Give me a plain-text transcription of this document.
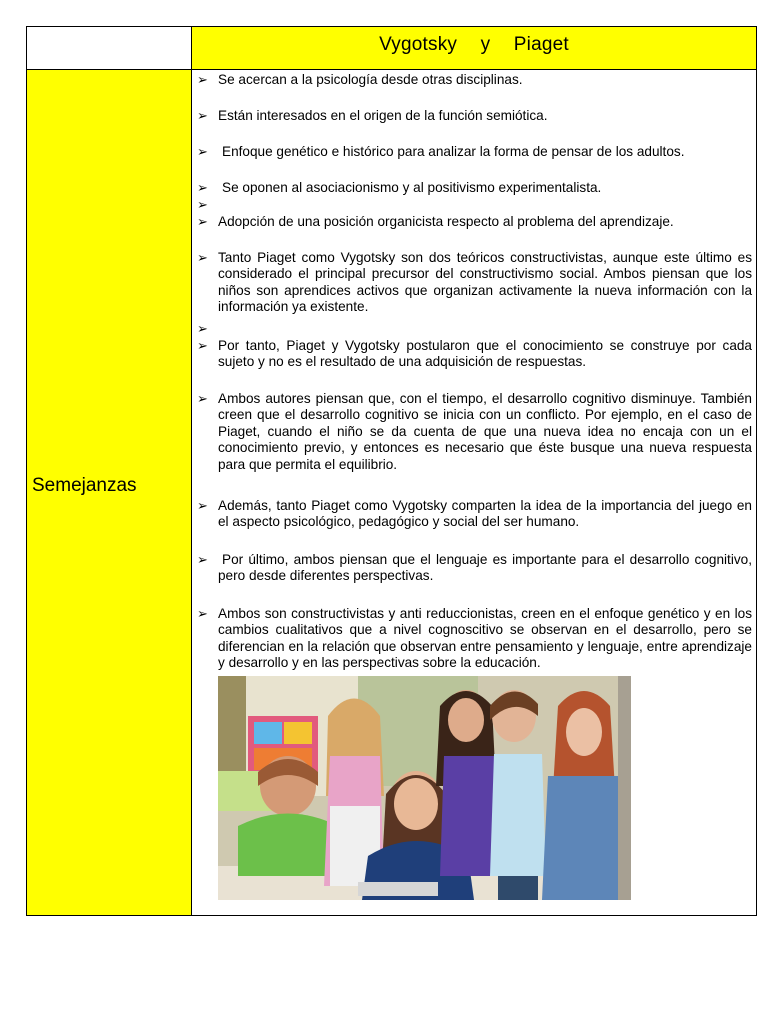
Vygotsky y Piaget
Semejanzas
➢ Se acercan a la psicología desde otras disciplinas.
➢ Están interesados en el origen de la función semiótica.
➢ Enfoque genético e histórico para analizar la forma de pensar de los adultos.
➢ Se oponen al asociacionismo y al positivismo experimentalista.
➢
➢ Adopción de una posición organicista respecto al problema del aprendizaje.
➢ Tanto Piaget como Vygotsky son dos teóricos constructivistas, aunque este último es considerado el principal precursor del constructivismo social. Ambos piensan que los niños son aprendices activos que organizan activamente la nueva información con la información ya existente.
➢
➢ Por tanto, Piaget y Vygotsky postularon que el conocimiento se construye por cada sujeto y no es el resultado de una adquisición de respuestas.
➢ Ambos autores piensan que, con el tiempo, el desarrollo cognitivo disminuye. También creen que el desarrollo cognitivo se inicia con un conflicto. Por ejemplo, en el caso de Piaget, cuando el niño se da cuenta de que una nueva idea no encaja con un el conocimiento previo, y entonces es necesario que éste busque una nueva respuesta para que permita el equilibrio.
➢ Además, tanto Piaget como Vygotsky comparten la idea de la importancia del juego en el aspecto psicológico, pedagógico y social del ser humano.
➢ Por último, ambos piensan que el lenguaje es importante para el desarrollo cognitivo, pero desde diferentes perspectivas.
➢ Ambos son constructivistas y anti reduccionistas, creen en el enfoque genético y en los cambios cualitativos que a nivel cognoscitivo se observan en el desarrollo, pero se diferencian en la relación que observan entre pensamiento y lenguaje, entre aprendizaje y desarrollo y en las perspectivas sobre la educación.
